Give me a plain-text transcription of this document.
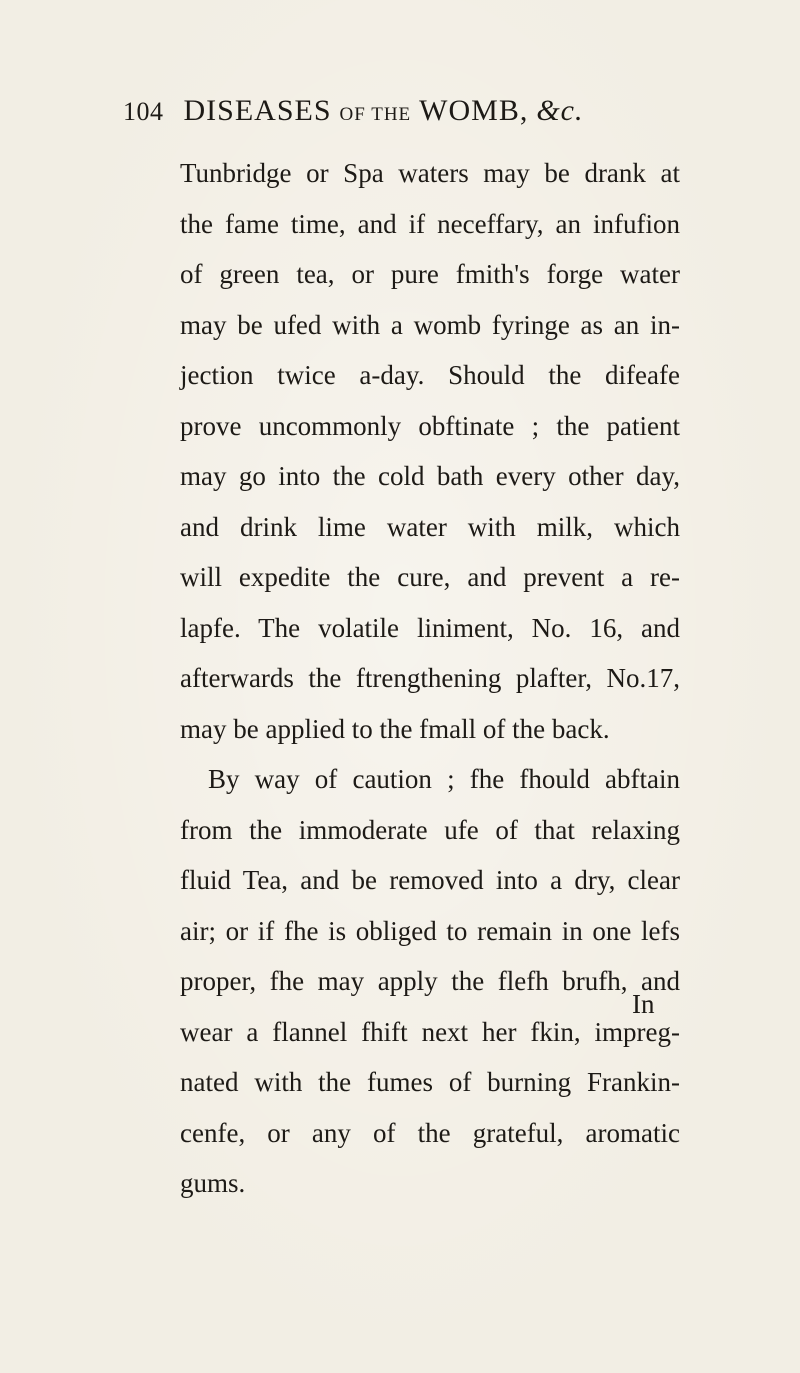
104 DISEASES OF THE WOMB, &c.
Tunbridge or Spa waters may be drank at
the fame time, and if neceffary, an infufion
of green tea, or pure fmith's forge water
may be ufed with a womb fyringe as an in-
jection twice a-day. Should the difeafe
prove uncommonly obftinate ; the patient
may go into the cold bath every other day,
and drink lime water with milk, which
will expedite the cure, and prevent a re-
lapfe. The volatile liniment, No. 16, and
afterwards the ftrengthening plafter, No.17,
may be applied to the fmall of the back.
By way of caution ; fhe fhould abftain
from the immoderate ufe of that relaxing
fluid Tea, and be removed into a dry, clear
air; or if fhe is obliged to remain in one lefs
proper, fhe may apply the flefh brufh, and
wear a flannel fhift next her fkin, impreg-
nated with the fumes of burning Frankin-
cenfe, or any of the grateful, aromatic
gums.
In
